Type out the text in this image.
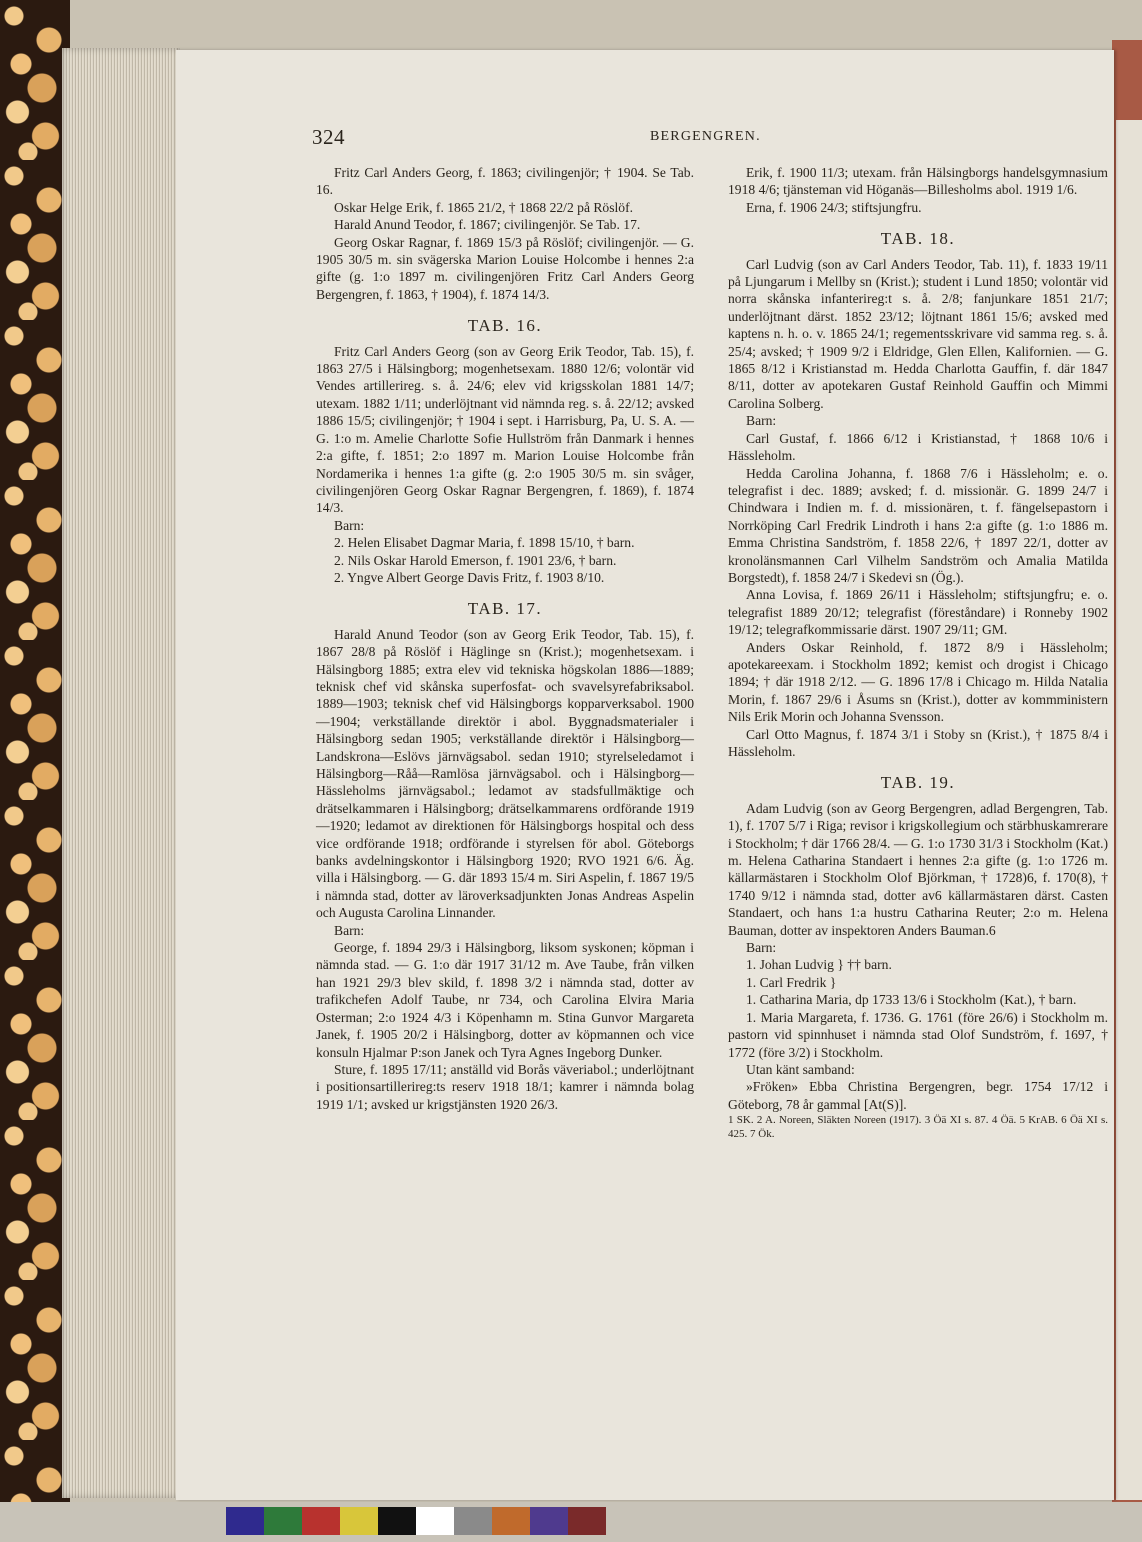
324	BERGENGREN.

Fritz Carl Anders Georg, f. 1863; civilingenjör; † 1904. Se Tab. 16.

Oskar Helge Erik, f. 1865 21/2, † 1868 22/2 på Röslöf.

Harald Anund Teodor, f. 1867; civilingenjör. Se Tab. 17.

Georg Oskar Ragnar, f. 1869 15/3 på Röslöf; civilingenjör. — G. 1905 30/5 m. sin svägerska Marion Louise Holcombe i hennes 2:a gifte (g. 1:o 1897 m. civilingenjören Fritz Carl Anders Georg Bergengren, f. 1863, † 1904), f. 1874 14/3.

TAB. 16.

Fritz Carl Anders Georg (son av Georg Erik Teodor, Tab. 15), f. 1863 27/5 i Hälsingborg; mogenhetsexam. 1880 12/6; volontär vid Vendes artillerireg. s. å. 24/6; elev vid krigsskolan 1881 14/7; utexam. 1882 1/11; underlöjtnant vid nämnda reg. s. å. 22/12; avsked 1886 15/5; civilingenjör; † 1904 i sept. i Harrisburg, Pa, U. S. A. — G. 1:o m. Amelie Charlotte Sofie Hullström från Danmark i hennes 2:a gifte, f. 1851; 2:o 1897 m. Marion Louise Holcombe från Nordamerika i hennes 1:a gifte (g. 2:o 1905 30/5 m. sin svåger, civilingenjören Georg Oskar Ragnar Bergengren, f. 1869), f. 1874 14/3.

Barn:

2. Helen Elisabet Dagmar Maria, f. 1898 15/10, † barn.

2. Nils Oskar Harold Emerson, f. 1901 23/6, † barn.

2. Yngve Albert George Davis Fritz, f. 1903 8/10.

TAB. 17.

Harald Anund Teodor (son av Georg Erik Teodor, Tab. 15), f. 1867 28/8 på Röslöf i Häglinge sn (Krist.); mogenhetsexam. i Hälsingborg 1885; extra elev vid tekniska högskolan 1886—1889; teknisk chef vid skånska superfosfat- och svavelsyrefabriksabol. 1889—1903; teknisk chef vid Hälsingborgs kopparverksabol. 1900—1904; verkställande direktör i abol. Byggnadsmaterialer i Hälsingborg sedan 1905; verkställande direktör i Hälsingborg—Landskrona—Eslövs järnvägsabol. sedan 1910; styrelseledamot i Hälsingborg—Råå—Ramlösa järnvägsabol. och i Hälsingborg—Hässleholms järnvägsabol.; ledamot av stadsfullmäktige och drätselkammaren i Hälsingborg; drätselkammarens ordförande 1919—1920; ledamot av direktionen för Hälsingborgs hospital och dess vice ordförande 1918; ordförande i styrelsen för abol. Göteborgs banks avdelningskontor i Hälsingborg 1920; RVO 1921 6/6. Äg. villa i Hälsingborg. — G. där 1893 15/4 m. Siri Aspelin, f. 1867 19/5 i nämnda stad, dotter av läroverksadjunkten Jonas Andreas Aspelin och Augusta Carolina Linnander.

Barn:

George, f. 1894 29/3 i Hälsingborg, liksom syskonen; köpman i nämnda stad. — G. 1:o där 1917 31/12 m. Ave Taube, från vilken han 1921 29/3 blev skild, f. 1898 3/2 i nämnda stad, dotter av trafikchefen Adolf Taube, nr 734, och Carolina Elvira Maria Osterman; 2:o 1924 4/3 i Köpenhamn m. Stina Gunvor Margareta Janek, f. 1905 20/2 i Hälsingborg, dotter av köpmannen och vice konsuln Hjalmar P:son Janek och Tyra Agnes Ingeborg Dunker.

Sture, f. 1895 17/11; anställd vid Borås väveriabol.; underlöjtnant i positionsartillerireg:ts reserv 1918 18/1; kamrer i nämnda bolag 1919 1/1; avsked ur krigstjänsten 1920 26/3.

Erik, f. 1900 11/3; utexam. från Hälsingborgs handelsgymnasium 1918 4/6; tjänsteman vid Höganäs—Billesholms abol. 1919 1/6.

Erna, f. 1906 24/3; stiftsjungfru.

TAB. 18.

Carl Ludvig (son av Carl Anders Teodor, Tab. 11), f. 1833 19/11 på Ljungarum i Mellby sn (Krist.); student i Lund 1850; volontär vid norra skånska infanterireg:t s. å. 2/8; fanjunkare 1851 21/7; underlöjtnant därst. 1852 23/12; löjtnant 1861 15/6; avsked med kaptens n. h. o. v. 1865 24/1; regementsskrivare vid samma reg. s. å. 25/4; avsked; † 1909 9/2 i Eldridge, Glen Ellen, Kalifornien. — G. 1865 8/12 i Kristianstad m. Hedda Charlotta Gauffin, f. där 1847 8/11, dotter av apotekaren Gustaf Reinhold Gauffin och Mimmi Carolina Solberg.

Barn:

Carl Gustaf, f. 1866 6/12 i Kristianstad, † 1868 10/6 i Hässleholm.

Hedda Carolina Johanna, f. 1868 7/6 i Hässleholm; e. o. telegrafist i dec. 1889; avsked; f. d. missionär. G. 1899 24/7 i Chindwara i Indien m. f. d. missionären, t. f. fängelsepastorn i Norrköping Carl Fredrik Lindroth i hans 2:a gifte (g. 1:o 1886 m. Emma Christina Sandström, f. 1858 22/6, † 1897 22/1, dotter av kronolänsmannen Carl Vilhelm Sandström och Amalia Matilda Borgstedt), f. 1858 24/7 i Skedevi sn (Ög.).

Anna Lovisa, f. 1869 26/11 i Hässleholm; stiftsjungfru; e. o. telegrafist 1889 20/12; telegrafist (föreståndare) i Ronneby 1902 19/12; telegrafkommissarie därst. 1907 29/11; GM.

Anders Oskar Reinhold, f. 1872 8/9 i Hässleholm; apotekareexam. i Stockholm 1892; kemist och drogist i Chicago 1894; † där 1918 2/12. — G. 1896 17/8 i Chicago m. Hilda Natalia Morin, f. 1867 29/6 i Åsums sn (Krist.), dotter av kommministern Nils Erik Morin och Johanna Svensson.

Carl Otto Magnus, f. 1874 3/1 i Stoby sn (Krist.), † 1875 8/4 i Hässleholm.

TAB. 19.

Adam Ludvig (son av Georg Bergengren, adlad Bergengren, Tab. 1), f. 1707 5/7 i Riga; revisor i krigskollegium och stärbhuskamrerare i Stockholm; † där 1766 28/4. — G. 1:o 1730 31/3 i Stockholm (Kat.) m. Helena Catharina Standaert i hennes 2:a gifte (g. 1:o 1726 m. källarmästaren i Stockholm Olof Björkman, † 1728)6, f. 170(8), † 1740 9/12 i nämnda stad, dotter av6 källarmästaren därst. Casten Standaert, och hans 1:a hustru Catharina Reuter; 2:o m. Helena Bauman, dotter av inspektoren Anders Bauman.6

Barn:

1. Johan Ludvig } †† barn.

1. Carl Fredrik }

1. Catharina Maria, dp 1733 13/6 i Stockholm (Kat.), † barn.

1. Maria Margareta, f. 1736. G. 1761 (före 26/6) i Stockholm m. pastorn vid spinnhuset i nämnda stad Olof Sundström, f. 1697, † 1772 (före 3/2) i Stockholm.

Utan känt samband:

»Fröken» Ebba Christina Bergengren, begr. 1754 17/12 i Göteborg, 78 år gammal [At(S)].

1 SK. 2 A. Noreen, Släkten Noreen (1917). 3 Öä XI s. 87. 4 Öä. 5 KrAB. 6 Öä XI s. 425. 7 Ök.
